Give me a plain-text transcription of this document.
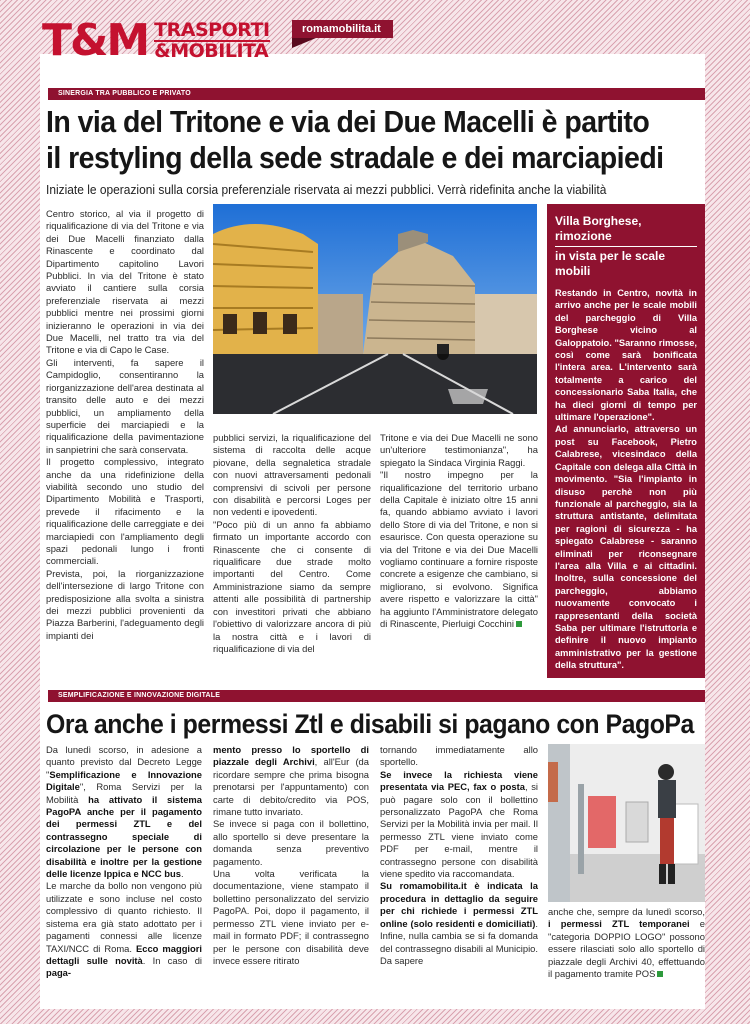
T&M TRASPORTI
&MOBILITÀ
romamobilita.it
SINERGIA TRA PUBBLICO E PRIVATO
In via del Tritone e via dei Due Macelli è partito
il restyling della sede stradale e dei marciapiedi
Iniziate le operazioni sulla corsia preferenziale riservata ai mezzi pubblici. Verrà ridefinita anche la viabilità

Centro storico, al via il progetto di riqualificazione di via del Tritone e via dei Due Macelli finanziato dalla Rinascente e coordinato dal Dipartimento capitolino Lavori Pubblici. In via del Tritone è stato avviato il cantiere sulla corsia preferenziale riservata ai mezzi pubblici mentre nei prossimi giorni inizieranno le operazioni in via dei Due Macelli, nel tratto tra via del Tritone e via di Capo le Case.

Gli interventi, fa sapere il Campidoglio, consentiranno la riorganizzazione dell'area destinata al transito delle auto e dei mezzi pubblici, un ampliamento della superficie dei marciapiedi e la riqualificazione della pavimentazione in sanpietrini che sarà conservata.

Il progetto complessivo, integrato anche da una ridefinizione della viabilità secondo uno studio del Dipartimento Mobilità e Trasporti, prevede il rifacimento e la riqualificazione delle carreggiate e dei marciapiedi con l'ampliamento degli spazi pedonali lungo i fronti commerciali.

Prevista, poi, la riorganizzazione dell'intersezione di largo Tritone con predisposizione alla svolta a sinistra dei mezzi pubblici provenienti da Piazza Barberini, l'adeguamento degli impianti dei

pubblici servizi, la riqualificazione del sistema di raccolta delle acque piovane, della segnaletica stradale con nuovi attraversamenti pedonali comprensivi di scivoli per persone con disabilità e percorsi Loges per non vedenti e ipovedenti.

"Poco più di un anno fa abbiamo firmato un importante accordo con Rinascente che ci consente di riqualificare due strade molto importanti del Centro. Come Amministrazione siamo da sempre attenti alle possibilità di partnership con investitori privati che abbiano l'obiettivo di valorizzare ancora di più la nostra città e i lavori di riqualificazione di via del

Tritone e via dei Due Macelli ne sono un'ulteriore testimonianza", ha spiegato la Sindaca Virginia Raggi.

"Il nostro impegno per la riqualificazione del territorio urbano della Capitale è iniziato oltre 15 anni fa, quando abbiamo avviato i lavori dello Store di via del Tritone, e non si esaurisce. Con questa operazione su via del Tritone e via dei Due Macelli vogliamo continuare a fornire risposte concrete a esigenze che cambiano, si migliorano, si evolvono. Significa avere rispetto e valorizzare la città" ha aggiunto l'Amministratore delegato di Rinascente, Pierluigi Cocchini

Villa Borghese, rimozione
in vista per le scale mobili

Restando in Centro, novità in arrivo anche per le scale mobili del parcheggio di Villa Borghese vicino al Galoppatoio. "Saranno rimosse, così come sarà bonificata l'intera area. L'intervento sarà totalmente a carico del concessionario Saba Italia, che ha dieci giorni di tempo per ultimare l'operazione".

Ad annunciarlo, attraverso un post su Facebook, Pietro Calabrese, vicesindaco della Capitale con delega alla Città in movimento. "Sia l'impianto in disuso perchè non più funzionale al parcheggio, sia la struttura antistante, delimitata per ragioni di sicurezza - ha spiegato Calabrese - saranno eliminati per riconsegnare l'area alla Villa e ai cittadini. Inoltre, sulla concessione del parcheggio, abbiamo nuovamente convocato i rappresentanti della società Saba per ultimare l'istruttoria e definire il nuovo impianto amministrativo per la gestione della struttura".

SEMPLIFICAZIONE E INNOVAZIONE DIGITALE
Ora anche i permessi Ztl e disabili si pagano con PagoPa

Da lunedì scorso, in adesione a quanto previsto dal Decreto Legge "Semplificazione e Innovazione Digitale", Roma Servizi per la Mobilità ha attivato il sistema PagoPA anche per il pagamento dei permessi ZTL e del contrassegno speciale di circolazione per le persone con disabilità e inoltre per la gestione delle licenze Ippica e NCC bus.

Le marche da bollo non vengono più utilizzate e sono incluse nel costo complessivo di quanto richiesto. Il sistema era già stato adottato per i pagamenti connessi alle licenze TAXI/NCC di Roma. Ecco maggiori dettagli sulle novità. In caso di paga-

mento presso lo sportello di piazzale degli Archivi, all'Eur (da ricordare sempre che prima bisogna prenotarsi per l'appuntamento) con carte di debito/credito via POS, rimane tutto invariato.

Se invece si paga con il bollettino, allo sportello si deve presentare la domanda senza preventivo pagamento.

Una volta verificata la documentazione, viene stampato il bollettino personalizzato del servizio PagoPA. Poi, dopo il pagamento, il permesso ZTL viene inviato per e-mail in formato PDF; il contrassegno per le persone con disabilità deve invece essere ritirato

tornando immediatamente allo sportello.

Se invece la richiesta viene presentata via PEC, fax o posta, si può pagare solo con il bollettino personalizzato PagoPA che Roma Servizi per la Mobilità invia per mail. Il permesso ZTL viene inviato come PDF per e-mail, mentre il contrassegno persone con disabilità viene spedito via raccomandata.

Su romamobilita.it è indicata la procedura in dettaglio da seguire per chi richiede i permessi ZTL online (solo residenti e domiciliati). Infine, nulla cambia se si fa domanda del contrassegno disabili al Municipio. Da sapere

anche che, sempre da lunedì scorso, i permessi ZTL temporanei e "categoria DOPPIO LOGO" possono essere rilasciati solo allo sportello di piazzale degli Archivi 40, effettuando il pagamento tramite POS
